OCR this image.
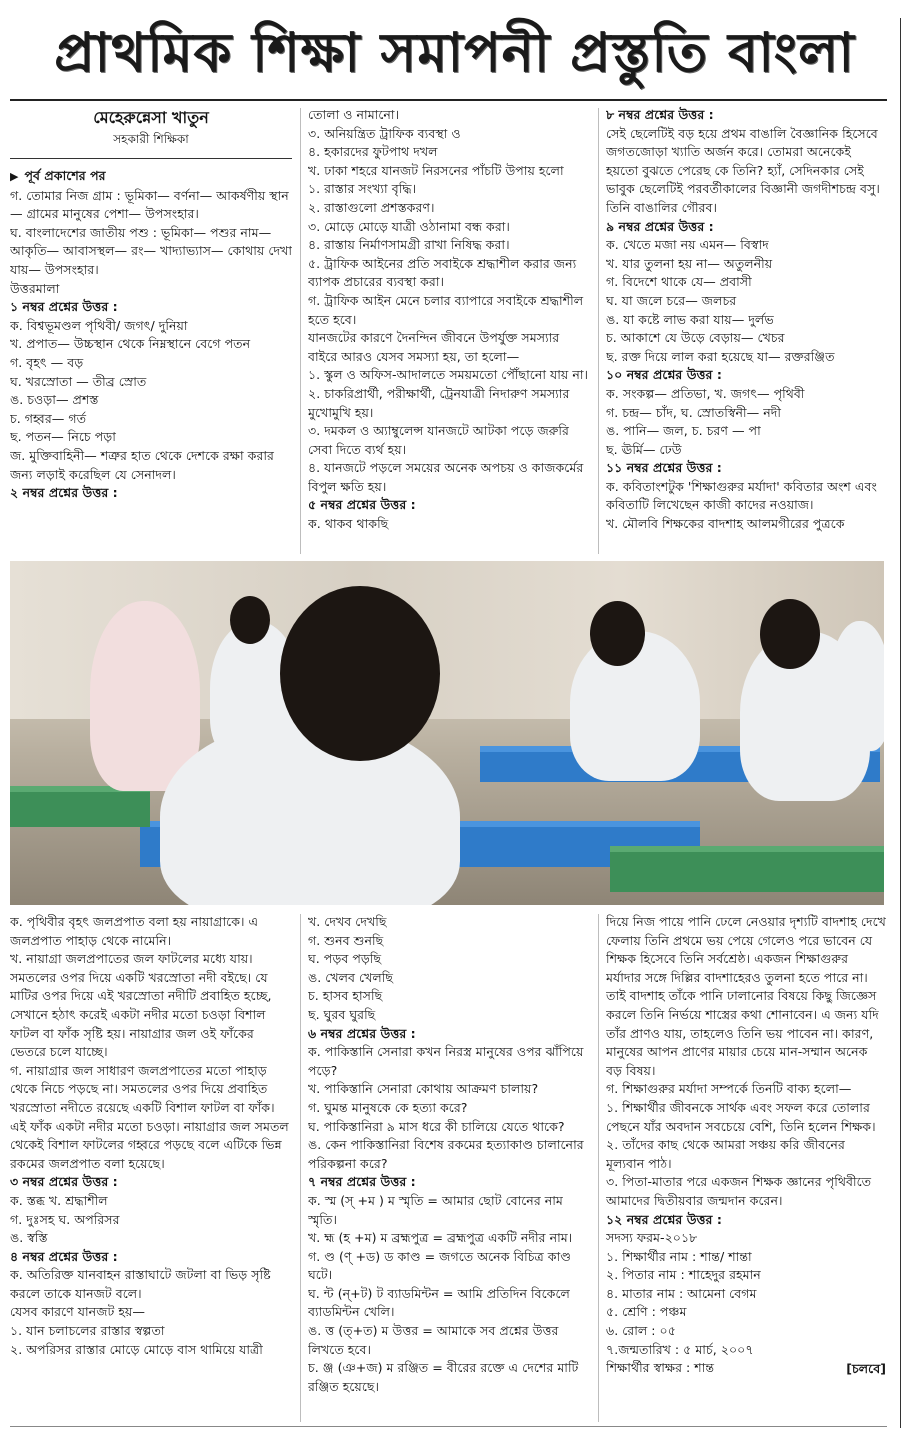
প্রাথমিক শিক্ষা সমাপনী প্রস্তুতি বাংলা
মেহেরুন্নেসা খাতুন
সহকারী শিক্ষিকা

▶ পূর্ব প্রকাশের পর

গ. তোমার নিজ গ্রাম : ভূমিকা— বর্ণনা— আকর্ষণীয় স্থান— গ্রামের মানুষের পেশা— উপসংহার।

ঘ. বাংলাদেশের জাতীয় পশু : ভূমিকা— পশুর নাম— আকৃতি— আবাসস্থল— রং— খাদ্যাভ্যাস— কোথায় দেখা যায়— উপসংহার।

উত্তরমালা

১ নম্বর প্রশ্নের উত্তর :

ক. বিশ্বভূমণ্ডল পৃথিবী/ জগৎ/ দুনিয়া

খ. প্রপাত— উচ্চস্থান থেকে নিম্নস্থানে বেগে পতন

গ. বৃহৎ — বড়

ঘ. খরস্রোতা — তীব্র স্রোত

ঙ. চওড়া— প্রশস্ত

চ. গহ্বর— গর্ত

ছ. পতন— নিচে পড়া

জ. মুক্তিবাহিনী— শত্রুর হাত থেকে দেশকে রক্ষা করার জন্য লড়াই করেছিল যে সেনাদল।

২ নম্বর প্রশ্নের উত্তর :

তোলা ও নামানো।

৩. অনিয়ন্ত্রিত ট্রাফিক ব্যবস্থা ও

৪. হকারদের ফুটপাথ দখল

খ. ঢাকা শহরে যানজট নিরসনের পাঁচটি উপায় হলো

১. রাস্তার সংখ্যা বৃদ্ধি।

২. রাস্তাগুলো প্রশস্তকরণ।

৩. মোড়ে মোড়ে যাত্রী ওঠানামা বন্ধ করা।

৪. রাস্তায় নির্মাণসামগ্রী রাখা নিষিদ্ধ করা।

৫. ট্রাফিক আইনের প্রতি সবাইকে শ্রদ্ধাশীল করার জন্য ব্যাপক প্রচারের ব্যবস্থা করা।

গ. ট্রাফিক আইন মেনে চলার ব্যাপারে সবাইকে শ্রদ্ধাশীল হতে হবে।

যানজটের কারণে দৈনন্দিন জীবনে উপর্যুক্ত সমস্যার বাইরে আরও যেসব সমস্যা হয়, তা হলো—

১. স্কুল ও অফিস-আদালতে সময়মতো পৌঁছানো যায় না।

২. চাকরিপ্রার্থী, পরীক্ষার্থী, ট্রেনযাত্রী নিদারুণ সমস্যার মুখোমুখি হয়।

৩. দমকল ও অ্যাম্বুলেন্স যানজটে আটকা পড়ে জরুরি সেবা দিতে ব্যর্থ হয়।

৪. যানজটে পড়লে সময়ের অনেক অপচয় ও কাজকর্মের বিপুল ক্ষতি হয়।

৫ নম্বর প্রশ্নের উত্তর :

ক. থাকব থাকছি

৮ নম্বর প্রশ্নের উত্তর :

সেই ছেলেটিই বড় হয়ে প্রথম বাঙালি বৈজ্ঞানিক হিসেবে জগতজোড়া খ্যাতি অর্জন করে। তোমরা অনেকেই হয়তো বুঝতে পেরেছ কে তিনি? হ্যাঁ, সেদিনকার সেই ভাবুক ছেলেটিই পরবর্তীকালের বিজ্ঞানী জগদীশচন্দ্র বসু। তিনি বাঙালির গৌরব।

৯ নম্বর প্রশ্নের উত্তর :

ক. খেতে মজা নয় এমন— বিস্বাদ

খ. যার তুলনা হয় না— অতুলনীয়

গ. বিদেশে থাকে যে— প্রবাসী

ঘ. যা জলে চরে— জলচর

ঙ. যা কষ্টে লাভ করা যায়— দুর্লভ

চ. আকাশে যে উড়ে বেড়ায়— খেচর

ছ. রক্ত দিয়ে লাল করা হয়েছে যা— রক্তরঞ্জিত

১০ নম্বর প্রশ্নের উত্তর :

ক. সংকল্প— প্রতিভা, খ. জগৎ— পৃথিবী

গ. চন্দ্র— চাঁদ, ঘ. স্রোতস্বিনী— নদী

ঙ. পানি— জল, চ. চরণ — পা

ছ. ঊর্মি— ঢেউ

১১ নম্বর প্রশ্নের উত্তর :

ক. কবিতাংশটুক 'শিক্ষাগুরুর মর্যাদা' কবিতার অংশ এবং কবিতাটি লিখেছেন কাজী কাদের নওয়াজ।

খ. মৌলবি শিক্ষকের বাদশাহ আলমগীরের পুত্রকে

ক. পৃথিবীর বৃহৎ জলপ্রপাত বলা হয় নায়াগ্রাকে। এ জলপ্রপাত পাহাড় থেকে নামেনি।

খ. নায়াগ্রা জলপ্রপাতের জল ফাটলের মধ্যে যায়।

সমতলের ওপর দিয়ে একটি খরস্রোতা নদী বইছে। যে মাটির ওপর দিয়ে এই খরস্রোতা নদীটি প্রবাহিত হচ্ছে, সেখানে হঠাৎ করেই একটা নদীর মতো চওড়া বিশাল ফাটল বা ফাঁক সৃষ্টি হয়। নায়াগ্রার জল ওই ফাঁকের ভেতরে চলে যাচ্ছে।

গ. নায়াগ্রার জল সাধারণ জলপ্রপাতের মতো পাহাড় থেকে নিচে পড়ছে না। সমতলের ওপর দিয়ে প্রবাহিত খরস্রোতা নদীতে রয়েছে একটি বিশাল ফাটল বা ফাঁক। এই ফাঁক একটা নদীর মতো চওড়া। নায়াগ্রার জল সমতল থেকেই বিশাল ফাটলের গহ্বরে পড়ছে বলে এটিকে ভিন্ন রকমের জলপ্রপাত বলা হয়েছে।

৩ নম্বর প্রশ্নের উত্তর :

ক. স্তব্ধ খ. শ্রদ্ধাশীল

গ. দুঃসহ ঘ. অপরিসর

ঙ. স্বস্তি

৪ নম্বর প্রশ্নের উত্তর :

ক. অতিরিক্ত যানবাহন রাস্তাঘাটে জটলা বা ভিড় সৃষ্টি করলে তাকে যানজট বলে।

যেসব কারণে যানজট হয়—

১. যান চলাচলের রাস্তার স্বল্পতা

২. অপরিসর রাস্তার মোড়ে মোড়ে বাস থামিয়ে যাত্রী

খ. দেখব দেখছি

গ. শুনব শুনছি

ঘ. পড়ব পড়ছি

ঙ. খেলব খেলছি

চ. হাসব হাসছি

ছ. ঘুরব ঘুরছি

৬ নম্বর প্রশ্নের উত্তর :

ক. পাকিস্তানি সেনারা কখন নিরস্ত্র মানুষের ওপর ঝাঁপিয়ে পড়ে?

খ. পাকিস্তানি সেনারা কোথায় আক্রমণ চালায়?

গ. ঘুমন্ত মানুষকে কে হত্যা করে?

ঘ. পাকিস্তানিরা ৯ মাস ধরে কী চালিয়ে যেতে থাকে?

ঙ. কেন পাকিস্তানিরা বিশেষ রকমের হত্যাকাণ্ড চালানোর পরিকল্পনা করে?

৭ নম্বর প্রশ্নের উত্তর :

ক. স্ম (স্ +ম ) ম স্মৃতি = আমার ছোট বোনের নাম স্মৃতি।

খ. হ্ম (হ +ম) ম ব্রহ্মপুত্র = ব্রহ্মপুত্র একটি নদীর নাম।

গ. ণ্ড (ণ্ +ড) ড কাণ্ড = জগতে অনেক বিচিত্র কাণ্ড ঘটে।

ঘ. ন্ট (ন্+ট) ট ব্যাডমিন্টন = আমি প্রতিদিন বিকেলে ব্যাডমিন্টন খেলি।

ঙ. ত্ত (ত্+ত) ম উত্তর = আমাকে সব প্রশ্নের উত্তর লিখতে হবে।

চ. ঞ্জ (ঞ+জ) ম রঞ্জিত = বীরের রক্তে এ দেশের মাটি রঞ্জিত হয়েছে।

দিয়ে নিজ পায়ে পানি ঢেলে নেওয়ার দৃশ্যটি বাদশাহ দেখে ফেলায় তিনি প্রথমে ভয় পেয়ে গেলেও পরে ভাবেন যে শিক্ষক হিসেবে তিনি সর্বশ্রেষ্ঠ। একজন শিক্ষাগুরুর মর্যাদার সঙ্গে দিল্লির বাদশাহেরও তুলনা হতে পারে না। তাই বাদশাহ তাঁকে পানি ঢালানোর বিষয়ে কিছু জিজ্ঞেস করলে তিনি নির্ভয়ে শাস্ত্রের কথা শোনাবেন। এ জন্য যদি তাঁর প্রাণও যায়, তাহলেও তিনি ভয় পাবেন না। কারণ, মানুষের আপন প্রাণের মায়ার চেয়ে মান-সম্মান অনেক বড় বিষয়।

গ. শিক্ষাগুরুর মর্যাদা সম্পর্কে তিনটি বাক্য হলো—

১. শিক্ষার্থীর জীবনকে সার্থক এবং সফল করে তোলার পেছনে যাঁর অবদান সবচেয়ে বেশি, তিনি হলেন শিক্ষক।

২. তাঁদের কাছ থেকে আমরা সঞ্চয় করি জীবনের মূল্যবান পাঠ।

৩. পিতা-মাতার পরে একজন শিক্ষক জ্ঞানের পৃথিবীতে আমাদের দ্বিতীয়বার জন্মদান করেন।

১২ নম্বর প্রশ্নের উত্তর :

সদস্য ফরম-২০১৮

১. শিক্ষার্থীর নাম : শান্ত/ শান্তা

২. পিতার নাম : শাহেদুর রহমান

৪. মাতার নাম : আমেনা বেগম

৫. শ্রেণি : পঞ্চম

৬. রোল : ০৫

৭.জন্মতারিখ : ৫ মার্চ, ২০০৭

শিক্ষার্থীর স্বাক্ষর : শান্ত	[চলবে]
